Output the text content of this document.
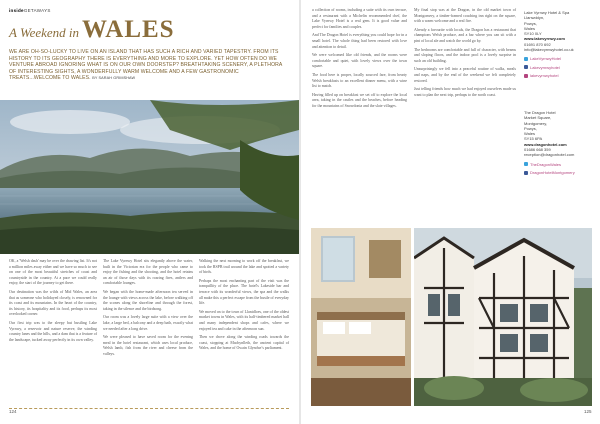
insideGETAWAYS
A Weekend in WALES
WE ARE OH-SO-LUCKY TO LIVE ON AN ISLAND THAT HAS SUCH A RICH AND VARIED TAPESTRY. FROM ITS HISTORY TO ITS GEOGRAPHY THERE IS EVERYTHING AND MORE TO EXPLORE. YET HOW OFTEN DO WE VENTURE ABROAD IGNORING WHAT IS ON OUR OWN DOORSTEP? BREATHTAKING SCENERY, A PLETHORA OF INTERESTING SIGHTS, A WONDERFULLY WARM WELCOME AND A FEW GASTRONOMIC TREATS...WELCOME TO WALES. BY SARAH GRIMSHAW

OK, a 'Welsh dash' may be over the drawing list. It's not a million miles away either and we have so much to see on one of the most beautiful stretches of coast and countryside in the country. At a pace we could really enjoy, the start of the journey to get there.

Our destination was the wilds of Mid Wales, an area that as someone who holidayed closely, is renowned for its coast and its mountains. In the heart of the country, its history, its hospitality and its food, perhaps its most overlooked corner.

Our first trip was to the sleepy but bustling Lake Vyrnwy, a reservoir and nature reserve, the winding country lanes and the hills, and a dam that is a feature of the landscape, tucked away perfectly in its own valley.

The Lake Vyrnwy Hotel sits elegantly above the water, built in the Victorian era for the people who came to enjoy the fishing and the shooting, and the hotel retains an air of those days with its roaring fires, antlers and comfortable lounges.

We began with the home-made afternoon tea served in the lounge with views across the lake, before walking off the scones along the shoreline and through the forest, taking in the silence and the birdsong.

Our room was a lovely large suite with a view over the lake, a large bed, a balcony and a deep bath, exactly what we needed after a long drive.

We were pleased to have saved room for the evening meal in the hotel restaurant, which uses local produce, Welsh lamb, fish from the river and cheese from the valleys.

Walking the next morning to work off the breakfast, we took the RSPB trail around the lake and spotted a variety of birds.

Perhaps the most enchanting part of the visit was the tranquillity of the place. The hotel's Lakeside bar and terrace with its wonderful views, the spa and the walks all make this a perfect escape from the bustle of everyday life.

We moved on to the town of Llanidloes, one of the oldest market towns in Wales, with its half-timbered market hall and many independent shops and cafes, where we enjoyed tea and cake in the afternoon sun.

Then we drove along the winding roads towards the coast, stopping at Machynlleth, the ancient capital of Wales, and the home of Owain Glyndwr's parliament.

124

a collection of rooms, including a suite with its own terrace, and a restaurant with a Michelin recommended chef, the Lake Vyrnwy Hotel is a real gem. It is good value and perfect for families and couples.

And The Dragon Hotel is everything you could hope for in a small hotel. The whole thing had been restored with love and attention to detail.

We were welcomed like old friends, and the rooms were comfortable and quiet, with lovely views over the town square.

The food here is proper, locally sourced fare, from hearty Welsh breakfasts to an excellent dinner menu, with a wine list to match.

Having filled up on breakfast we set off to explore the local area, taking in the castles and the beaches, before heading for the mountains of Snowdonia and the slate villages.

My final stop was at the Dragon, in the old market town of Montgomery, a timber-framed coaching inn right on the square, with a warm welcome and a real fire.

Already a favourite with locals, the Dragon has a restaurant that champions Welsh produce, and a bar where you can sit with a pint of local ale and watch the world go by.

The bedrooms are comfortable and full of character, with beams and sloping floors, and the indoor pool is a lovely surprise in such an old building.

Unsurprisingly we fell into a peaceful routine of walks, meals and naps, and by the end of the weekend we felt completely restored.

Just telling friends how much we had enjoyed ourselves made us want to plan the next trip, perhaps to the north coast.

Lake Vyrnwy Hotel & Spa
Llanwddyn,
Powys,
Wales
SY10 0LY
www.lakevyrnwy.com
01691 870 692
info@lakevyrnwyhotel.co.uk
LakeVyrnwyHotel
Lakevyrnwyhotel
lakevyrnwyhotel
The Dragon Hotel
Market Square,
Montgomery,
Powys,
Wales
SY15 6PA
www.dragonhotel.com
01686 668 359
reception@dragonhotel.com
TheDragonWales
DragonHotelMontgomery
125
